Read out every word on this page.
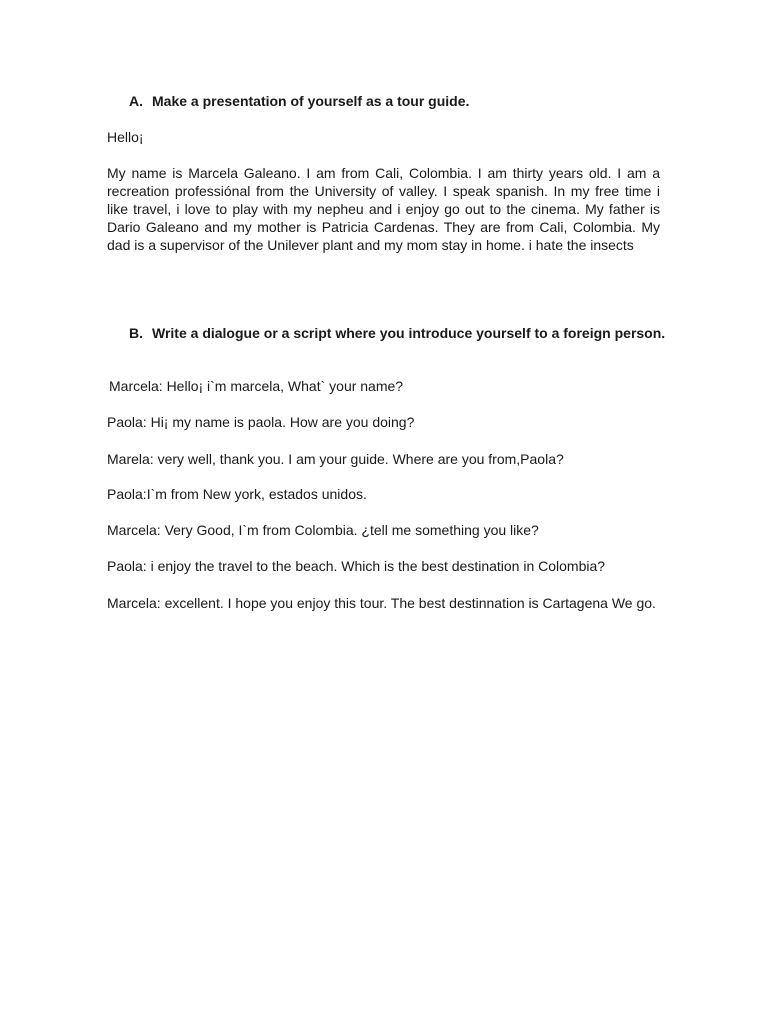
A. Make a presentation of yourself as a tour guide.

Hello¡

My name is Marcela Galeano. I am from Cali, Colombia. I am thirty years old. I am a recreation professiónal from the University of valley. I speak spanish. In my free time i like travel, i love to play with my nepheu and i enjoy go out to the cinema. My father is Dario Galeano and my mother is Patricia Cardenas. They are from Cali, Colombia. My dad is a supervisor of the Unilever plant and my mom stay in home. i hate the insects

B. Write a dialogue or a script where you introduce yourself to a foreign person.

Marcela: Hello¡ i`m marcela, What` your name?

Paola: Hi¡ my name is paola. How are you doing?

Marela: very well, thank you. I am your guide. Where are you from,Paola?

Paola:I`m from New york, estados unidos.

Marcela: Very Good, I`m from Colombia. ¿tell me something you like?

Paola: i enjoy the travel to the beach. Which is the best destination in Colombia?

Marcela: excellent. I hope you enjoy this tour. The best destinnation is Cartagena We go.
